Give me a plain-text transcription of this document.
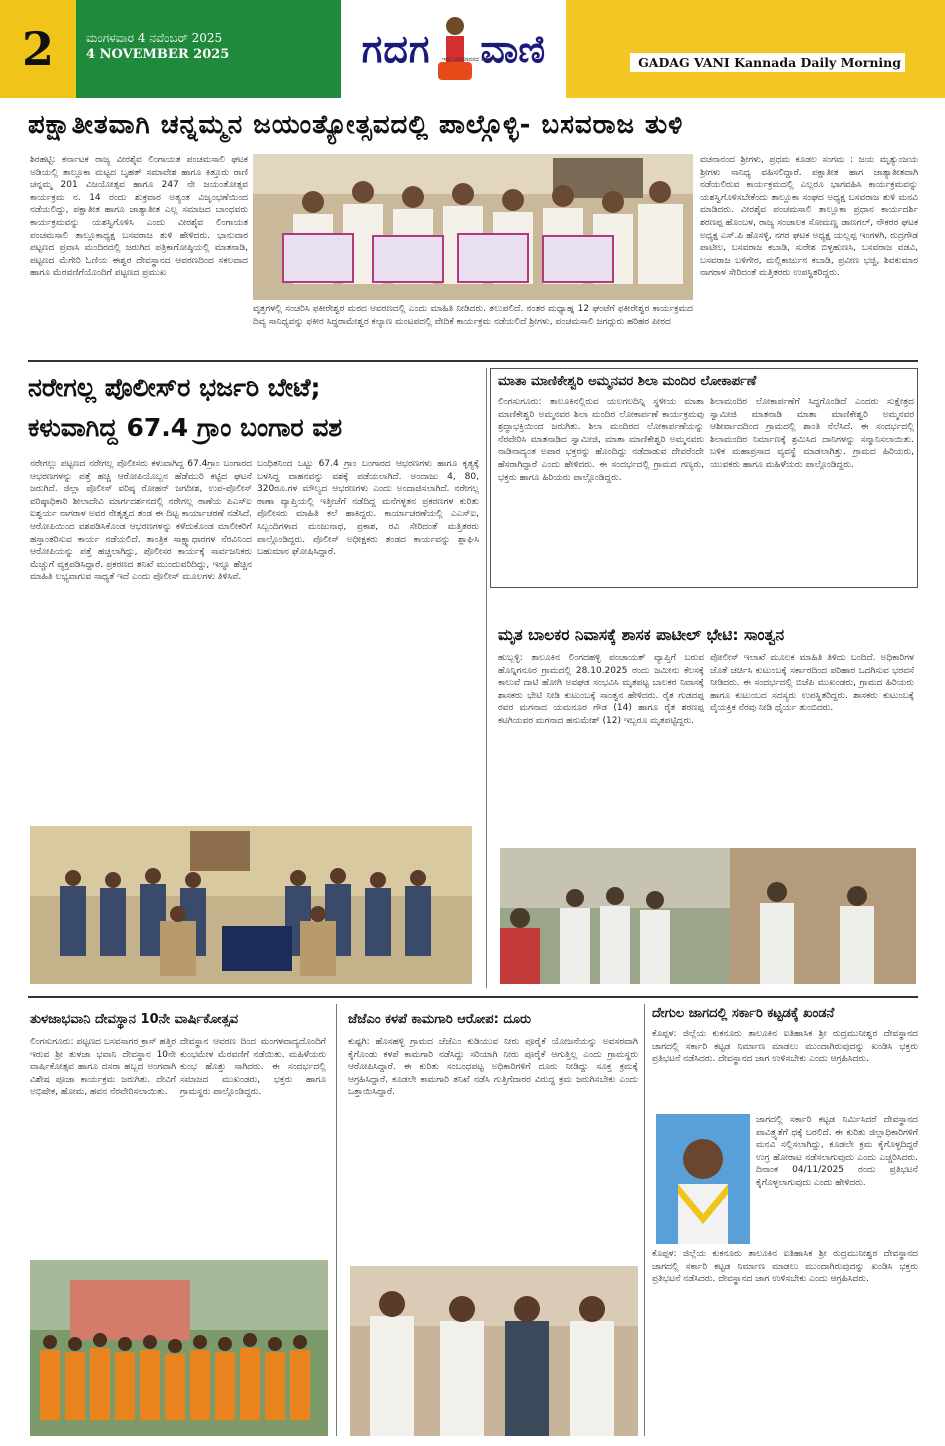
2	ಮಂಗಳವಾರ 4 ನವೆಂಬರ್ 2025
4 NOVEMBER 2025	ಗದಗ ವಾಣಿ
ಇದು ಜನಮಾನಸದ ಪತ್ರಿಕೆ	GADAG VANI Kannada Daily Morning
ಪಕ್ಷಾತೀತವಾಗಿ ಚನ್ನಮ್ಮನ ಜಯಂತ್ಯೋತ್ಸವದಲ್ಲಿ ಪಾಲ್ಗೊಳ್ಳಿ- ಬಸವರಾಜ ತುಳಿ
ಶಿರಹಟ್ಟಿ: ಕರ್ನಾಟಕ ರಾಜ್ಯ ವೀರಶೈವ ಲಿಂಗಾಯತ ಪಂಚಮಸಾಲಿ ಘಟಕ ಅಡಿಯಲ್ಲಿ ತಾಲ್ಲೂಕಾ ಮಟ್ಟದ ಬೃಹತ್ ಸಮಾವೇಶ ಹಾಗೂ ಕಿತ್ತೂರು ರಾಣಿ ಚನ್ನಮ್ಮ 201 ವಿಜಯೋತ್ಸವ ಹಾಗೂ 247 ನೇ ಜಯಂತೋತ್ಸವ ಕಾರ್ಯಕ್ರಮ ನ. 14 ರಂದು ಶುಕ್ರವಾರ ಅತ್ಯಂತ ವಿಜೃಂಭಣೆಯಿಂದ ನಡೆಯಲಿದ್ದು, ಪಕ್ಷಾತೀತ ಹಾಗೂ ಜಾತ್ಯಾತೀತ ಎಲ್ಲ ಸಮಾಜದ ಬಾಂಧವರು ಕಾರ್ಯಕ್ರಮವನ್ನು ಯಶಸ್ವಿಗೊಳಿಸಿ ಎಂದು ವೀರಶೈವ ಲಿಂಗಾಯತ ಪಂಚಮಸಾಲಿ ತಾಲ್ಲೂಕಾಧ್ಯಕ್ಷ ಬಸವರಾಜ ತುಳಿ ಹೇಳಿದರು. ಭಾನುವಾರ ಪಟ್ಟಣದ ಪ್ರವಾಸಿ ಮಂದಿರದಲ್ಲಿ ಜರುಗಿದ ಪತ್ರಿಕಾಗೋಷ್ಠಿಯಲ್ಲಿ ಮಾತನಾಡಿ, ಪಟ್ಟಣದ ಮೆಗೇರಿ ಓಣಿಯ ಈಶ್ವರ ದೇವಸ್ಥಾನದ ಆವರಣದಿಂದ ಸಕಲವಾದ ಹಾಗೂ ಮೆರವಣಿಗೆಯೊಂದಿಗೆ ಪಟ್ಟಣದ ಪ್ರಮುಖ
ವೃತ್ತಗಳಲ್ಲಿ ಸಂಚರಿಸಿ ಫಕೀರೇಶ್ವರ ಮಠದ ಆವರಣದಲ್ಲಿ ಎಂದು ಮಾಹಿತಿ ನೀಡಿದರು. ತಲುಪಲಿದೆ. ನಂತರ ಮಧ್ಯಾಹ್ನ 12 ಘಂಟೆಗೆ ಫಕೀರೇಶ್ವರ ಕಾರ್ಯಕ್ರಮದ ದಿವ್ಯ ಸಾನಿಧ್ಯವನ್ನು ಫಕೀರ ಸಿದ್ಧರಾಮೇಶ್ವರ ಕಲ್ಯಾಣ ಮಂಟಪದಲ್ಲಿ ವೇದಿಕೆ ಕಾರ್ಯಕ್ರಮ ನಡೆಯಲಿದೆ ಶ್ರೀಗಳು, ಪಂಚಮಸಾಲಿ ಜಗದ್ಗುರು ಹರಿಹರ ಪೀಠದ
ವಚನಾನಂದ ಶ್ರೀಗಳು, ಪ್ರಥಮ ಕೂಡಲ ಸಂಗಮ : ಜಯ ಮೃತ್ಯುಂಜಯ ಶ್ರೀಗಳು ಸಾನಿಧ್ಯ ವಹಿಸಲಿದ್ದಾರೆ. ಪಕ್ಷಾತೀತ ಹಾಗ ಜಾತ್ಯಾತೀತವಾಗಿ ನಡೆಯಲಿರುವ ಕಾರ್ಯಕ್ರಮದಲ್ಲಿ ಎಲ್ಲರೂ ಭಾಗವಹಿಸಿ ಕಾರ್ಯಕ್ರಮವನ್ನು ಯಶಸ್ವಿಗೊಳಿಸಬೇಕೆಂದು ತಾಲ್ಲೂಕಾ ಸಂಘದ ಅಧ್ಯಕ್ಷ ಬಸವರಾಜ ತುಳಿ ಮನವಿ ಮಾಡಿದರು. ವೀರಶೈವ ಪಂಚಮಸಾಲಿ ತಾಲ್ಲೂಕಾ ಪ್ರಧಾನ ಕಾರ್ಯದರ್ಶಿ ಶರಣಪ್ಪ ಹೊಂಬಳ, ರಾಜ್ಯ ಸಂಚಾಲಕ ಸೋಮಣ್ಣ ಡಾಣಗಲ್, ನೌಕರರ ಘಟಕ ಅಧ್ಯಕ್ಷ ಎಸ್.ಪಿ ಹೊಸಳ್ಳಿ, ನಗರ ಘಟಕ ಅಧ್ಯಕ್ಷ ಯಲ್ಲಪ್ಪ ಇಂಗಳಗಿ, ರುದ್ರಗೌಡ ಪಾಟೀಲ, ಬಸವರಾಜ ಕಬಾಡಿ, ಸುರೇಶ ಬಿಳ್ಳಹುಣಸಿ, ಬಸವರಾಜ ವಡವಿ, ಬಸವರಾಜ ಬಳಿಗೇರ, ಮಲ್ಲಿಕಾರ್ಜುನ ಕಬಾಡಿ, ಪ್ರವೀಣ ಭಜ್ಜಿ, ಶಿವಕುಮಾರ ನಾಗರಾಳ ಸೇರಿದಂತೆ ಮತ್ತಿತರರು ಉಪಸ್ಥಿತರಿದ್ದರು.
ನರೇಗಲ್ಲ ಪೊಲೀಸ್‌ರ ಭರ್ಜರಿ ಬೇಟೆ;
ಕಳುವಾಗಿದ್ದ 67.4 ಗ್ರಾಂ ಬಂಗಾರ ವಶ
ನರೇಗಲ್ಲು ಪಟ್ಟಣದ ನರೇಗಲ್ಲ ಪೊಲೀಸರು ಕಳುವಾಗಿದ್ದ 67.4ಗ್ರಾಂ ಬಂಗಾರದ ಆಭರಣಗಳನ್ನು ಪತ್ತೆ ಹಚ್ಚಿ ಆರೋಪಿಯೊಬ್ಬನ ಹೆಡೆಮುರಿ ಕಟ್ಟಿದ ಘಟನೆ ಜರುಗಿದೆ. ಜಿಲ್ಲಾ ಪೊಲೀಸ್ ವರಿಷ್ಠ ರೋಹನ್ ಜಗದೀಶ, ಉಪ-ಪೊಲೀಸ್ ವರಿಷ್ಠಾಧಿಕಾರಿ ಶೀಲಾದೇವಿ ಮಾರ್ಗದರ್ಶನದಲ್ಲಿ ನರೇಗಲ್ಲ ಠಾಣೆಯ ಪಿಎಸ್ಐ ಐಶ್ವರ್ಯ ನಾಗರಾಳ ಅವರ ನೇತೃತ್ವದ ತಂಡ ಈ ದಿಟ್ಟ ಕಾರ್ಯಾಚರಣೆ ನಡೆಸಿದೆ. ಆರೋಪಿಯಿಂದ ವಶಪಡಿಸಿಕೊಂಡ ಆಭರಣಗಳನ್ನು ಕಳೆದುಕೊಂಡ ಮಾಲೀಕರಿಗೆ ಹಸ್ತಾಂತರಿಸುವ ಕಾರ್ಯ ನಡೆಯಲಿದೆ. ತಾಂತ್ರಿಕ ಸಾಕ್ಷ್ಯಾಧಾರಗಳ ನೆರವಿನಿಂದ ಆರೋಪಿಯನ್ನು ಪತ್ತೆ ಹಚ್ಚಲಾಗಿದ್ದು, ಪೊಲೀಸರ ಕಾರ್ಯಕ್ಕೆ ಸಾರ್ವಜನಿಕರು ಮೆಚ್ಚುಗೆ ವ್ಯಕ್ತಪಡಿಸಿದ್ದಾರೆ. ಪ್ರಕರಣದ ತನಿಖೆ ಮುಂದುವರಿದಿದ್ದು, ಇನ್ನೂ ಹೆಚ್ಚಿನ ಮಾಹಿತಿ ಲಭ್ಯವಾಗುವ ಸಾಧ್ಯತೆ ಇದೆ ಎಂದು ಪೊಲೀಸ್ ಮೂಲಗಳು ತಿಳಿಸಿವೆ.
ಬಂಧಿತನಿಂದ ಒಟ್ಟು 67.4 ಗ್ರಾಂ ಬಂಗಾರದ ಆಭರಣಗಳು ಹಾಗೂ ಕೃತ್ಯಕ್ಕೆ ಬಳಸಿದ್ದ ವಾಹನವನ್ನು ವಶಕ್ಕೆ ಪಡೆಯಲಾಗಿದೆ. ಅಂದಾಜು 4, 80, 320ರೂ.ಗಳ ಮೌಲ್ಯದ ಆಭರಣಗಳು ಎಂದು ಅಂದಾಜಿಸಲಾಗಿದೆ. ನರೇಗಲ್ಲ ಠಾಣಾ ವ್ಯಾಪ್ತಿಯಲ್ಲಿ ಇತ್ತೀಚೆಗೆ ನಡೆದಿದ್ದ ಮನೆಗಳ್ಳತನ ಪ್ರಕರಣಗಳ ಕುರಿತು ಪೊಲೀಸರು ಮಾಹಿತಿ ಕಲೆ ಹಾಕಿದ್ದರು. ಕಾರ್ಯಾಚರಣೆಯಲ್ಲಿ ಎಎಸ್ಐ, ಸಿಬ್ಬಂದಿಗಳಾದ ಮಂಜುನಾಥ, ಪ್ರಕಾಶ, ರವಿ ಸೇರಿದಂತೆ ಮತ್ತಿತರರು ಪಾಲ್ಗೊಂಡಿದ್ದರು. ಪೊಲೀಸ್ ಅಧೀಕ್ಷಕರು ತಂಡದ ಕಾರ್ಯವನ್ನು ಶ್ಲಾಘಿಸಿ ಬಹುಮಾನ ಘೋಷಿಸಿದ್ದಾರೆ.
ಮಾತಾ ಮಾಣಿಕೇಶ್ವರಿ ಅಮ್ಮನವರ ಶಿಲಾ ಮಂದಿರ ಲೋಕಾರ್ಪಣೆ
ಲಿಂಗಸುಗೂರು: ತಾಲೂಕಿನಲ್ಲಿರುವ ಯಲಗಲದಿನ್ನಿ ಸ್ಥಳೀಯ ಮಾತಾ ಮಾಣಿಕೇಶ್ವರಿ ಅಮ್ಮನವರ ಶಿಲಾ ಮಂದಿರ ಲೋಕಾರ್ಪಣೆ ಕಾರ್ಯಕ್ರಮವು ಶ್ರದ್ಧಾಭಕ್ತಿಯಿಂದ ಜರುಗಿತು. ಶಿಲಾ ಮಂದಿರದ ಲೋಕಾರ್ಪಣೆಯನ್ನು ನೆರವೇರಿಸಿ ಮಾತನಾಡಿದ ಸ್ವಾಮೀಜಿ, ಮಾತಾ ಮಾಣಿಕೇಶ್ವರಿ ಅಮ್ಮನವರು ನಾಡಿನಾದ್ಯಂತ ಅಪಾರ ಭಕ್ತರನ್ನು ಹೊಂದಿದ್ದು ನಡೆದಾಡುವ ದೇವರೆಂದೇ ಹೆಸರಾಗಿದ್ದಾರೆ ಎಂದು ಹೇಳಿದರು. ಈ ಸಂದರ್ಭದಲ್ಲಿ ಗ್ರಾಮದ ಗಣ್ಯರು, ಭಕ್ತರು ಹಾಗೂ ಹಿರಿಯರು ಪಾಲ್ಗೊಂಡಿದ್ದರು.
ಶಿಲಾಮಂದಿರ ಲೋಕಾರ್ಪಣೆಗೆ ಸಿದ್ಧಗೊಂಡಿದೆ ಎಂದರು ಸುಕ್ಷೇತ್ರದ ಸ್ವಾಮೀಜಿ ಮಾತನಾಡಿ ಮಾತಾ ಮಾಣಿಕೇಶ್ವರಿ ಅಮ್ಮನವರ ಆಶೀರ್ವಾದದಿಂದ ಗ್ರಾಮದಲ್ಲಿ ಶಾಂತಿ ನೆಲೆಸಿದೆ. ಈ ಸಂದರ್ಭದಲ್ಲಿ ಶಿಲಾಮಂದಿರ ನಿರ್ಮಾಣಕ್ಕೆ ಶ್ರಮಿಸಿದ ದಾನಿಗಳನ್ನು ಸನ್ಮಾನಿಸಲಾಯಿತು. ಬಳಿಕ ಮಹಾಪ್ರಸಾದ ವ್ಯವಸ್ಥೆ ಮಾಡಲಾಗಿತ್ತು. ಗ್ರಾಮದ ಹಿರಿಯರು, ಯುವಕರು ಹಾಗೂ ಮಹಿಳೆಯರು ಪಾಲ್ಗೊಂಡಿದ್ದರು.
ಮೃತ ಬಾಲಕರ ನಿವಾಸಕ್ಕೆ ಶಾಸಕ ಪಾಟೀಲ್ ಭೇಟಿ: ಸಾಂತ್ವನ
ಹುಬ್ಬಳ್ಳಿ: ತಾಲೂಕಿನ ಲಿಂಗದಹಳ್ಳಿ ಪಂಚಾಯತ್ ವ್ಯಾಪ್ತಿಗೆ ಬರುವ ಹೊನ್ನಿಗನೂರ ಗ್ರಾಮದಲ್ಲಿ 28.10.2025 ರಂದು ಜಮೀನು ಕೆಲಸಕ್ಕೆ ಕಾಲುವೆ ದಾಟಿ ಹೋಗಿ ಅವಘಡ ಸಂಭವಿಸಿ ಮೃತಪಟ್ಟ ಬಾಲಕರ ನಿವಾಸಕ್ಕೆ ಶಾಸಕರು ಭೇಟಿ ನೀಡಿ ಕುಟುಂಬಕ್ಕೆ ಸಾಂತ್ವನ ಹೇಳಿದರು. ರೈತ ಗುಡದಪ್ಪ ರವರ ಮಗನಾದ ಯಮನೂರ ಗೌಡ (14) ಹಾಗೂ ರೈತ ಶರಣಪ್ಪ ಕಟಗಿಯವರ ಮಗನಾದ ಹನುಮೇಶ್ (12) ಇಬ್ಬರೂ ಮೃತಪಟ್ಟಿದ್ದರು.
ಪೋಲೀಸ್ ಇಲಾಖೆ ಮೂಲಕ ಮಾಹಿತಿ ತಿಳಿದು ಬಂದಿದೆ. ಅಧಿಕಾರಿಗಳ ಜೊತೆ ಚರ್ಚಿಸಿ ಕುಟುಂಬಕ್ಕೆ ಸರ್ಕಾರದಿಂದ ಪರಿಹಾರ ಒದಗಿಸುವ ಭರವಸೆ ನೀಡಿದರು. ಈ ಸಂದರ್ಭದಲ್ಲಿ ಬಿಜೆಪಿ ಮುಖಂಡರು, ಗ್ರಾಮದ ಹಿರಿಯರು ಹಾಗೂ ಕುಟುಂಬದ ಸದಸ್ಯರು ಉಪಸ್ಥಿತರಿದ್ದರು. ಶಾಸಕರು ಕುಟುಂಬಕ್ಕೆ ವೈಯಕ್ತಿಕ ನೆರವು ನೀಡಿ ಧೈರ್ಯ ತುಂಬಿದರು.
ತುಳಜಾಭವಾನಿ ದೇವಸ್ಥಾನ 10ನೇ ವಾರ್ಷಿಕೋತ್ಸವ
ಲಿಂಗಸುಗೂರು: ಪಟ್ಟಣದ ಬಸವಸಾಗರ ಕ್ರಾಸ್ ಹತ್ತಿರ ಇರುವ ಶ್ರೀ ತುಳಜಾ ಭವಾನಿ ದೇವಸ್ಥಾನ 10ನೇ ವಾರ್ಷಿಕೋತ್ಸವ ಹಾಗೂ ದಸರಾ ಹಬ್ಬದ ಅಂಗವಾಗಿ ವಿಶೇಷ ಪೂಜಾ ಕಾರ್ಯಕ್ರಮ ಜರುಗಿತು. ದೇವಿಗೆ ಅಭಿಷೇಕ, ಹೋಮ, ಹವನ ನೆರವೇರಿಸಲಾಯಿತು.
ದೇವಸ್ಥಾನ ಆವರಣ ದಿಂದ ಮಂಗಳವಾದ್ಯದೊಂದಿಗೆ ಕುಂಭಮೇಳ ಮೆರವಣಿಗೆ ನಡೆಯಿತು. ಮಹಿಳೆಯರು ಕುಂಭ ಹೊತ್ತು ಸಾಗಿದರು. ಈ ಸಂದರ್ಭದಲ್ಲಿ ಸಮಾಜದ ಮುಖಂಡರು, ಭಕ್ತರು ಹಾಗೂ ಗ್ರಾಮಸ್ಥರು ಪಾಲ್ಗೊಂಡಿದ್ದರು.
ಜೆಜೆಎಂ ಕಳಪೆ ಕಾಮಗಾರಿ ಆರೋಪ: ದೂರು
ಕುಷ್ಟಗಿ: ಹೊಸಹಳ್ಳಿ ಗ್ರಾಮದ ಜೆಜೆಎಂ ಕುಡಿಯುವ ನೀರು ಪೂರೈಕೆ ಯೋಜನೆಯನ್ನು ಅವಸರವಾಗಿ ಕೈಗೊಂಡು ಕಳಪೆ ಕಾಮಗಾರಿ ನಡೆಸಿದ್ದು ಸರಿಯಾಗಿ ನೀರು ಪೂರೈಕೆ ಆಗುತ್ತಿಲ್ಲ ಎಂದು ಗ್ರಾಮಸ್ಥರು ಆರೋಪಿಸಿದ್ದಾರೆ. ಈ ಕುರಿತು ಸಂಬಂಧಪಟ್ಟ ಅಧಿಕಾರಿಗಳಿಗೆ ದೂರು ನೀಡಿದ್ದು ಸೂಕ್ತ ಕ್ರಮಕ್ಕೆ ಆಗ್ರಹಿಸಿದ್ದಾರೆ. ಕೂಡಲೇ ಕಾಮಗಾರಿ ತನಿಖೆ ನಡೆಸಿ ಗುತ್ತಿಗೆದಾರರ ವಿರುದ್ಧ ಕ್ರಮ ಜರುಗಿಸಬೇಕು ಎಂದು ಒತ್ತಾಯಿಸಿದ್ದಾರೆ.
ದೇಗುಲ ಜಾಗದಲ್ಲಿ ಸರ್ಕಾರಿ ಕಟ್ಟಡಕ್ಕೆ ಖಂಡನೆ
ಕೊಪ್ಪಳ: ಜಿಲ್ಲೆಯ ಕುಕನೂರು ತಾಲೂಕಿನ ಐತಿಹಾಸಿಕ ಶ್ರೀ ರುದ್ರಮುನೀಶ್ವರ ದೇವಸ್ಥಾನದ ಜಾಗದಲ್ಲಿ ಸರ್ಕಾರಿ ಕಟ್ಟಡ ನಿರ್ಮಾಣ ಮಾಡಲು ಮುಂದಾಗಿರುವುದನ್ನು ಖಂಡಿಸಿ ಭಕ್ತರು ಪ್ರತಿಭಟನೆ ನಡೆಸಿದರು. ದೇವಸ್ಥಾನದ ಜಾಗ ಉಳಿಸಬೇಕು ಎಂದು ಆಗ್ರಹಿಸಿದರು.
ಜಾಗದಲ್ಲಿ ಸರ್ಕಾರಿ ಕಟ್ಟಡ ನಿರ್ಮಿಸಿದರೆ ದೇವಸ್ಥಾನದ ಪಾವಿತ್ರ್ಯತೆಗೆ ಧಕ್ಕೆ ಬರಲಿದೆ. ಈ ಕುರಿತು ಜಿಲ್ಲಾಧಿಕಾರಿಗಳಿಗೆ ಮನವಿ ಸಲ್ಲಿಸಲಾಗಿದ್ದು, ಕೂಡಲೇ ಕ್ರಮ ಕೈಗೊಳ್ಳದಿದ್ದರೆ ಉಗ್ರ ಹೋರಾಟ ನಡೆಸಲಾಗುವುದು ಎಂದು ಎಚ್ಚರಿಸಿದರು. ದಿನಾಂಕ 04/11/2025 ರಂದು ಪ್ರತಿಭಟನೆ ಕೈಗೊಳ್ಳಲಾಗುವುದು ಎಂದು ಹೇಳಿದರು.
ಕೊಪ್ಪಳ: ಜಿಲ್ಲೆಯ ಕುಕನೂರು ತಾಲೂಕಿನ ಐತಿಹಾಸಿಕ ಶ್ರೀ ರುದ್ರಮುನೀಶ್ವರ ದೇವಸ್ಥಾನದ ಜಾಗದಲ್ಲಿ ಸರ್ಕಾರಿ ಕಟ್ಟಡ ನಿರ್ಮಾಣ ಮಾಡಲು ಮುಂದಾಗಿರುವುದನ್ನು ಖಂಡಿಸಿ ಭಕ್ತರು ಪ್ರತಿಭಟನೆ ನಡೆಸಿದರು. ದೇವಸ್ಥಾನದ ಜಾಗ ಉಳಿಸಬೇಕು ಎಂದು ಆಗ್ರಹಿಸಿದರು.
